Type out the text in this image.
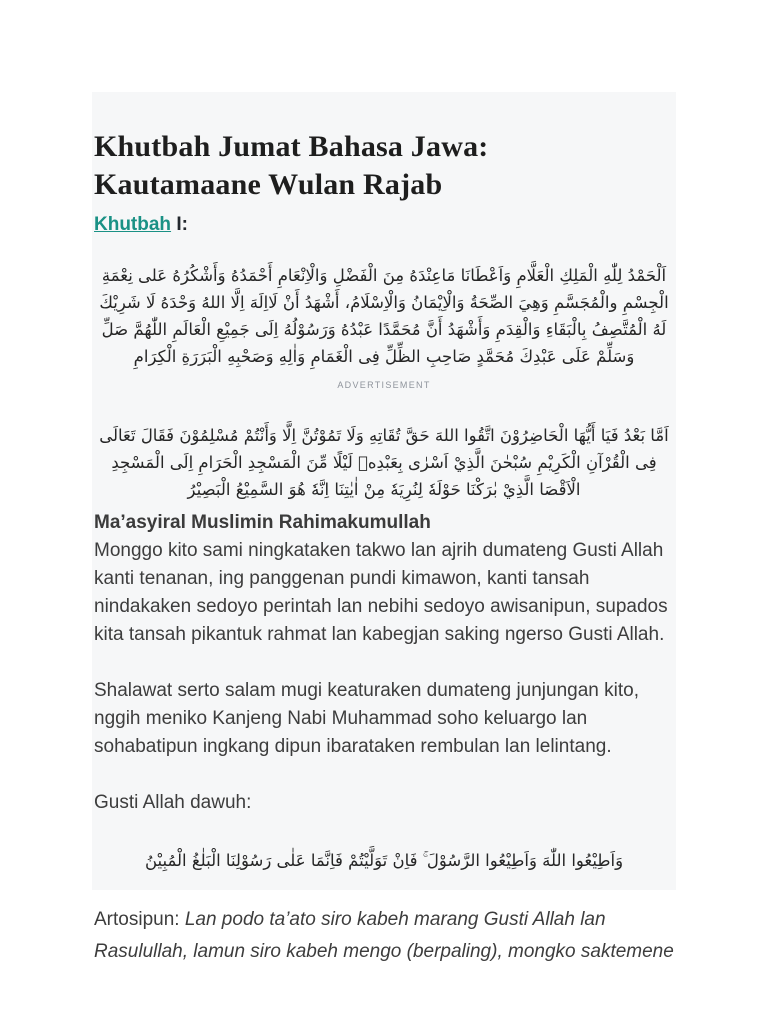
Khutbah Jumat Bahasa Jawa:
Kautamaane Wulan Rajab

Khutbah I:

اَلْحَمْدُ لِلّٰهِ الْمَلِكِ الْعَلَّامِ وَاَعْطَانَا مَاعِنْدَهُ مِنَ الْفَضْلِ وَالْاِنْعَامِ أَحْمَدُهُ وَأَشْكُرُهُ عَلى نِعْمَةِ الْجِسْمِ والْمُجَسَّمِ وَهِيَ الصِّحَةُ وَالْاِيْمَانُ وَالْاِسْلَامُ، أَشْهَدُ أَنْ لَااِلَهَ اِلَّا اللهُ وَحْدَهُ لَا شَرِيْكَ لَهُ الْمُتَّصِفُ بِالْبَقَاءِ وَالْقِدَمِ وَأَشْهَدُ أَنَّ مُحَمَّدًا عَبْدُهُ وَرَسُوْلُهُ اِلَى جَمِيْعِ الْعَالَمِ اللّٰهُمَّ صَلِّ وَسَلِّمْ عَلَى عَبْدِكَ مُحَمَّدٍ صَاحِبِ الظِّلِّ فِى الْغَمَامِ وَاٰلِهِ وَصَحْبِهِ الْبَرَرَةِ الْكِرَامِ

ADVERTISEMENT

اَمَّا بَعْدُ فَيَا أَيُّهَا الْحَاضِرُوْنَ اتَّقُوا اللهَ حَقَّ تُقَاتِهِ وَلَا تَمُوْتُنَّ اِلَّا وَأَنْتُمْ مُسْلِمُوْنَ فَقَالَ تَعَالَى فِى الْقُرْآنِ الْكَرِيْمِ سُبْحٰنَ الَّذِيْ اَسْرٰى بِعَبْدِهٖ لَيْلًا مِّنَ الْمَسْجِدِ الْحَرَامِ اِلَى الْمَسْجِدِ الْاَقْصَا الَّذِيْ بٰرَكْنَا حَوْلَهٗ لِنُرِيَهٗ مِنْ اٰيٰتِنَا اِنَّهٗ هُوَ السَّمِيْعُ الْبَصِيْرُ

Ma’asyiral Muslimin Rahimakumullah

Monggo kito sami ningkataken takwo lan ajrih dumateng Gusti Allah kanti tenanan, ing panggenan pundi kimawon, kanti tansah nindakaken sedoyo perintah lan nebihi sedoyo awisanipun, supados kita tansah pikantuk rahmat lan kabegjan saking ngerso Gusti Allah.

Shalawat serto salam mugi keaturaken dumateng junjungan kito, nggih meniko Kanjeng Nabi Muhammad soho keluargo lan sohabatipun ingkang dipun ibarataken rembulan lan lelintang.

Gusti Allah dawuh:

وَاَطِيْعُوا اللّٰهَ وَاَطِيْعُوا الرَّسُوْلَ ۚ فَاِنْ تَوَلَّيْتُمْ فَاِنَّمَا عَلٰى رَسُوْلِنَا الْبَلٰغُ الْمُبِيْنُ

Artosipun: Lan podo ta’ato siro kabeh marang Gusti Allah lan Rasulullah, lamun siro kabeh mengo (berpaling), mongko saktemene
